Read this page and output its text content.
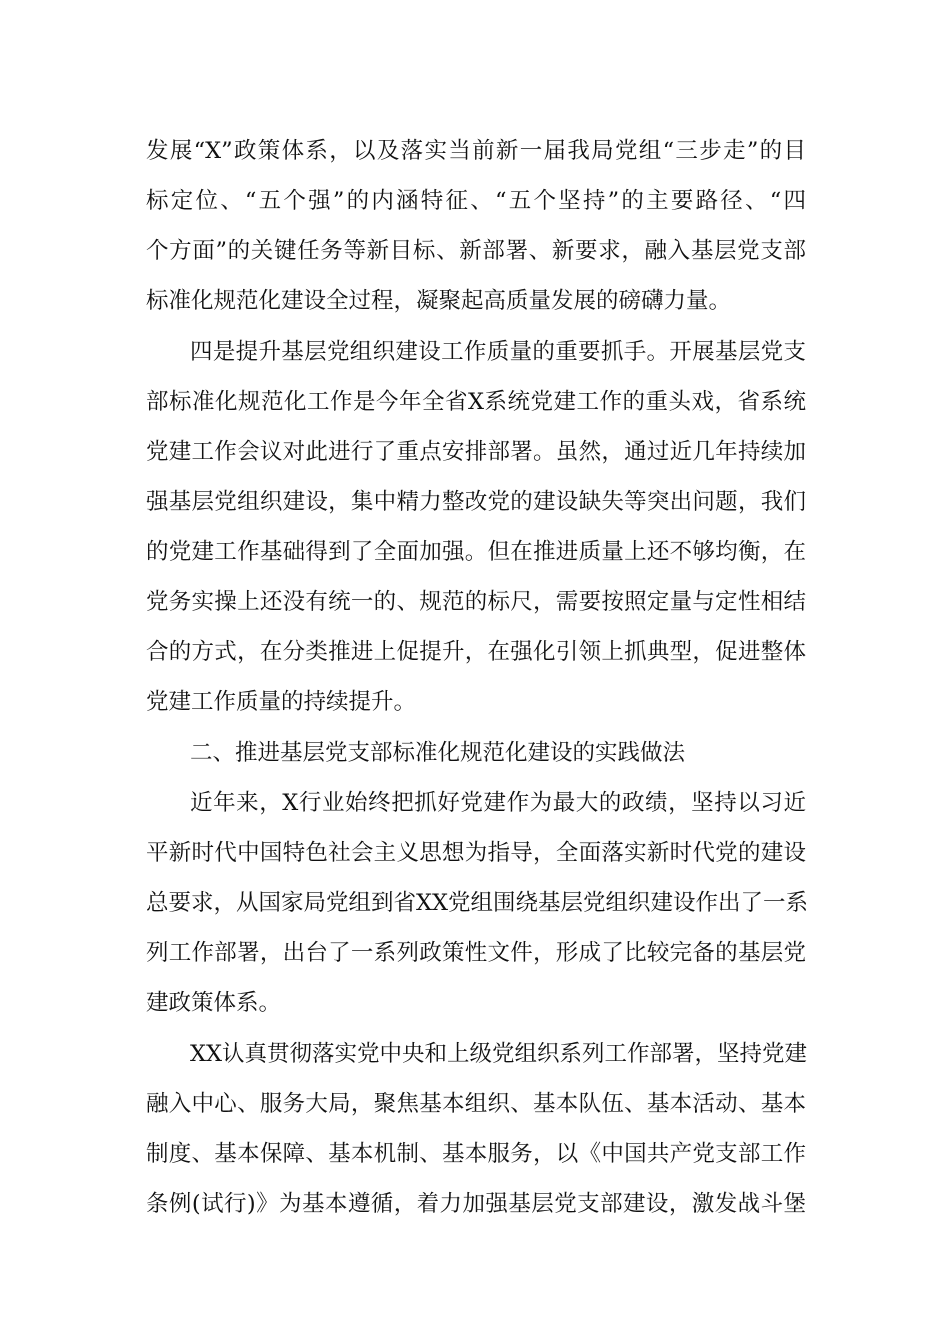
发展“X”政策体系，以及落实当前新一届我局党组“三步走”的目
标定位、“五个强”的内涵特征、“五个坚持”的主要路径、“四
个方面”的关键任务等新目标、新部署、新要求，融入基层党支部
标准化规范化建设全过程，凝聚起高质量发展的磅礴力量。
四是提升基层党组织建设工作质量的重要抓手。开展基层党支
部标准化规范化工作是今年全省X系统党建工作的重头戏，省系统
党建工作会议对此进行了重点安排部署。虽然，通过近几年持续加
强基层党组织建设，集中精力整改党的建设缺失等突出问题，我们
的党建工作基础得到了全面加强。但在推进质量上还不够均衡，在
党务实操上还没有统一的、规范的标尺，需要按照定量与定性相结
合的方式，在分类推进上促提升，在强化引领上抓典型，促进整体
党建工作质量的持续提升。
二、推进基层党支部标准化规范化建设的实践做法
近年来，X行业始终把抓好党建作为最大的政绩，坚持以习近
平新时代中国特色社会主义思想为指导，全面落实新时代党的建设
总要求，从国家局党组到省XX党组围绕基层党组织建设作出了一系
列工作部署，出台了一系列政策性文件，形成了比较完备的基层党
建政策体系。
XX认真贯彻落实党中央和上级党组织系列工作部署，坚持党建
融入中心、服务大局，聚焦基本组织、基本队伍、基本活动、基本
制度、基本保障、基本机制、基本服务，以《中国共产党支部工作
条例(试行)》为基本遵循，着力加强基层党支部建设，激发战斗堡
